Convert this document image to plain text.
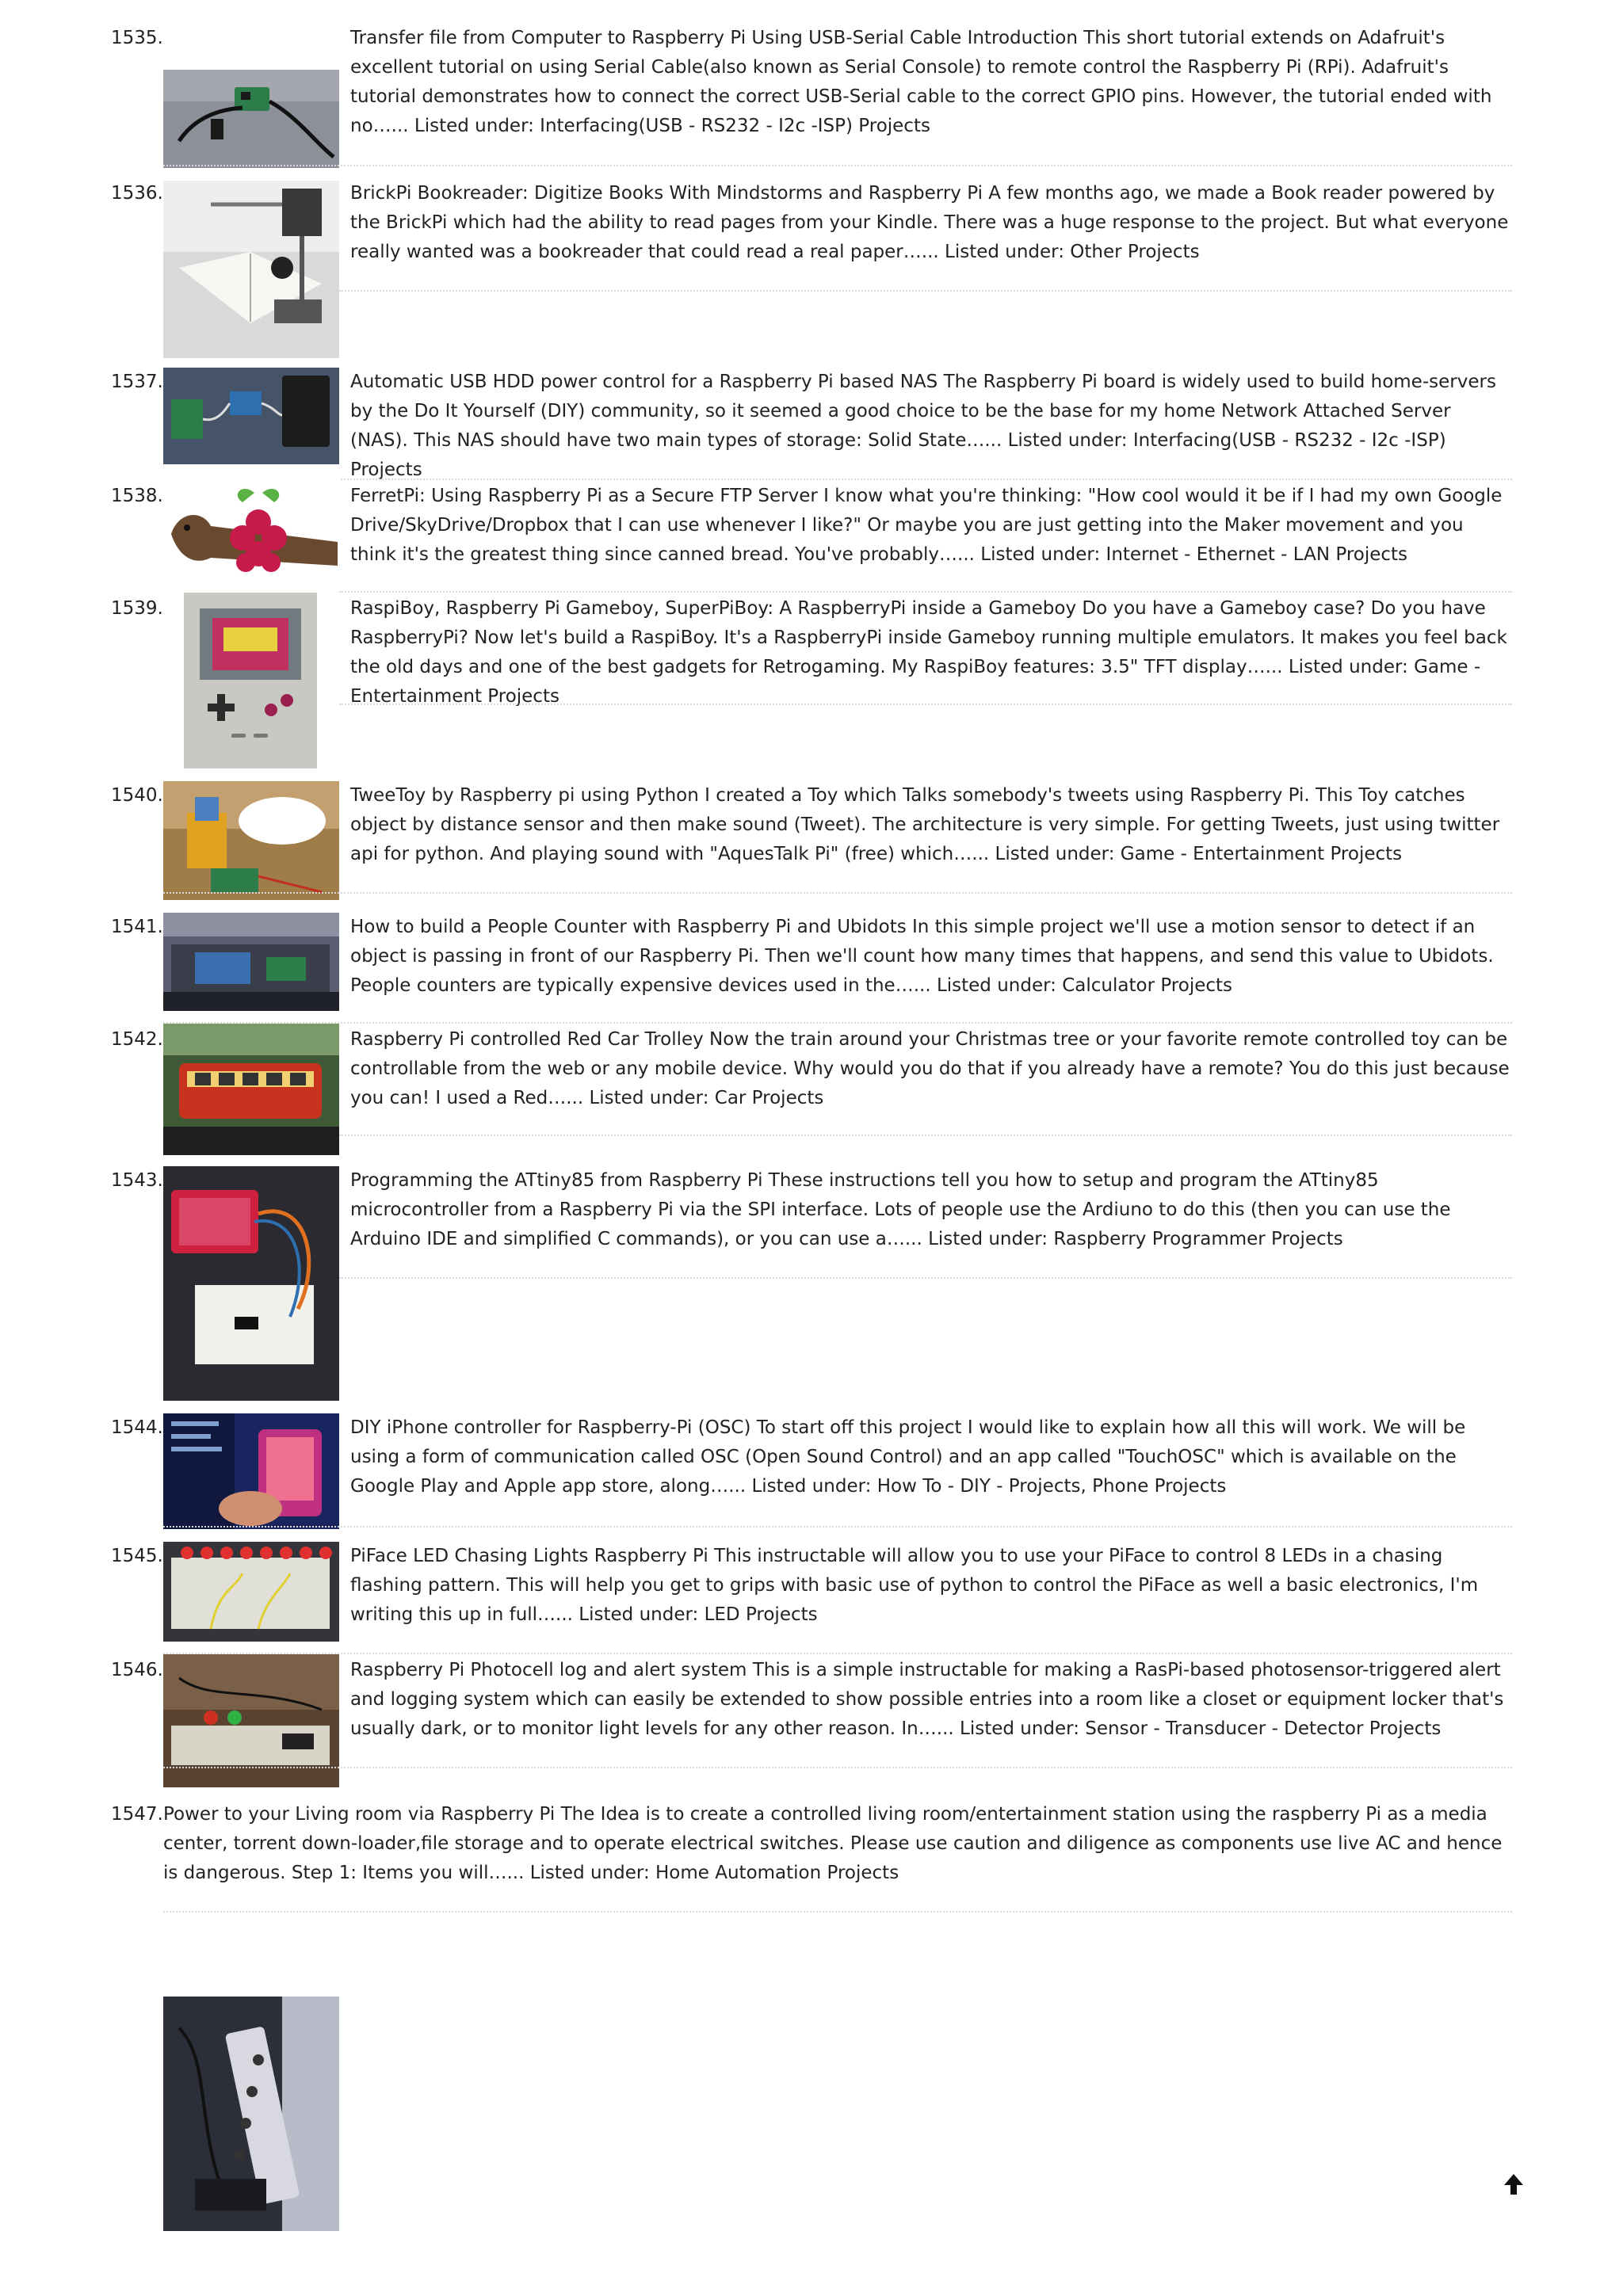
1535.	Transfer file from Computer to Raspberry Pi Using USB-Serial Cable Introduction This short tutorial extends on Adafruit's excellent tutorial on using Serial Cable(also known as Serial Console) to remote control the Raspberry Pi (RPi). Adafruit's tutorial demonstrates how to connect the correct USB-Serial cable to the correct GPIO pins. However, the tutorial ended with no…... Listed under: Interfacing(USB - RS232 - I2c -ISP) Projects
1536.	BrickPi Bookreader: Digitize Books With Mindstorms and Raspberry Pi A few months ago, we made a Book reader powered by the BrickPi which had the ability to read pages from your Kindle. There was a huge response to the project. But what everyone really wanted was a bookreader that could read a real paper…... Listed under: Other Projects
1537.	Automatic USB HDD power control for a Raspberry Pi based NAS The Raspberry Pi board is widely used to build home-servers by the Do It Yourself (DIY) community, so it seemed a good choice to be the base for my home Network Attached Server (NAS). This NAS should have two main types of storage: Solid State…... Listed under: Interfacing(USB - RS232 - I2c -ISP) Projects
1538.	FerretPi: Using Raspberry Pi as a Secure FTP Server I know what you're thinking: "How cool would it be if I had my own Google Drive/SkyDrive/Dropbox that I can use whenever I like?" Or maybe you are just getting into the Maker movement and you think it's the greatest thing since canned bread. You've probably…... Listed under: Internet - Ethernet - LAN Projects
1539.	RaspiBoy, Raspberry Pi Gameboy, SuperPiBoy: A RaspberryPi inside a Gameboy Do you have a Gameboy case? Do you have RaspberryPi? Now let's build a RaspiBoy. It's a RaspberryPi inside Gameboy running multiple emulators. It makes you feel back the old days and one of the best gadgets for Retrogaming. My RaspiBoy features: 3.5" TFT display…... Listed under: Game - Entertainment Projects
1540.	TweeToy by Raspberry pi using Python I created a Toy which Talks somebody's tweets using Raspberry Pi. This Toy catches object by distance sensor and then make sound (Tweet). The architecture is very simple. For getting Tweets, just using twitter api for python. And playing sound with "AquesTalk Pi" (free) which…... Listed under: Game - Entertainment Projects
1541.	How to build a People Counter with Raspberry Pi and Ubidots In this simple project we'll use a motion sensor to detect if an object is passing in front of our Raspberry Pi. Then we'll count how many times that happens, and send this value to Ubidots. People counters are typically expensive devices used in the…... Listed under: Calculator Projects
1542.	Raspberry Pi controlled Red Car Trolley Now the train around your Christmas tree or your favorite remote controlled toy can be controllable from the web or any mobile device. Why would you do that if you already have a remote? You do this just because you can! I used a Red…... Listed under: Car Projects
1543.	Programming the ATtiny85 from Raspberry Pi These instructions tell you how to setup and program the ATtiny85 microcontroller from a Raspberry Pi via the SPI interface. Lots of people use the Ardiuno to do this (then you can use the Arduino IDE and simplified C commands), or you can use a…... Listed under: Raspberry Programmer Projects
1544.	DIY iPhone controller for Raspberry-Pi (OSC) To start off this project I would like to explain how all this will work. We will be using a form of communication called OSC (Open Sound Control) and an app called "TouchOSC" which is available on the Google Play and Apple app store, along…... Listed under: How To - DIY - Projects, Phone Projects
1545.	PiFace LED Chasing Lights Raspberry Pi This instructable will allow you to use your PiFace to control 8 LEDs in a chasing flashing pattern. This will help you get to grips with basic use of python to control the PiFace as well a basic electronics, I'm writing this up in full…... Listed under: LED Projects
1546.	Raspberry Pi Photocell log and alert system This is a simple instructable for making a RasPi-based photosensor-triggered alert and logging system which can easily be extended to show possible entries into a room like a closet or equipment locker that's usually dark, or to monitor light levels for any other reason. In…... Listed under: Sensor - Transducer - Detector Projects
1547. Power to your Living room via Raspberry Pi The Idea is to create a controlled living room/entertainment station using the raspberry Pi as a media center, torrent down-loader,file storage and to operate electrical switches. Please use caution and diligence as components use live AC and hence is dangerous. Step 1: Items you will…... Listed under: Home Automation Projects
